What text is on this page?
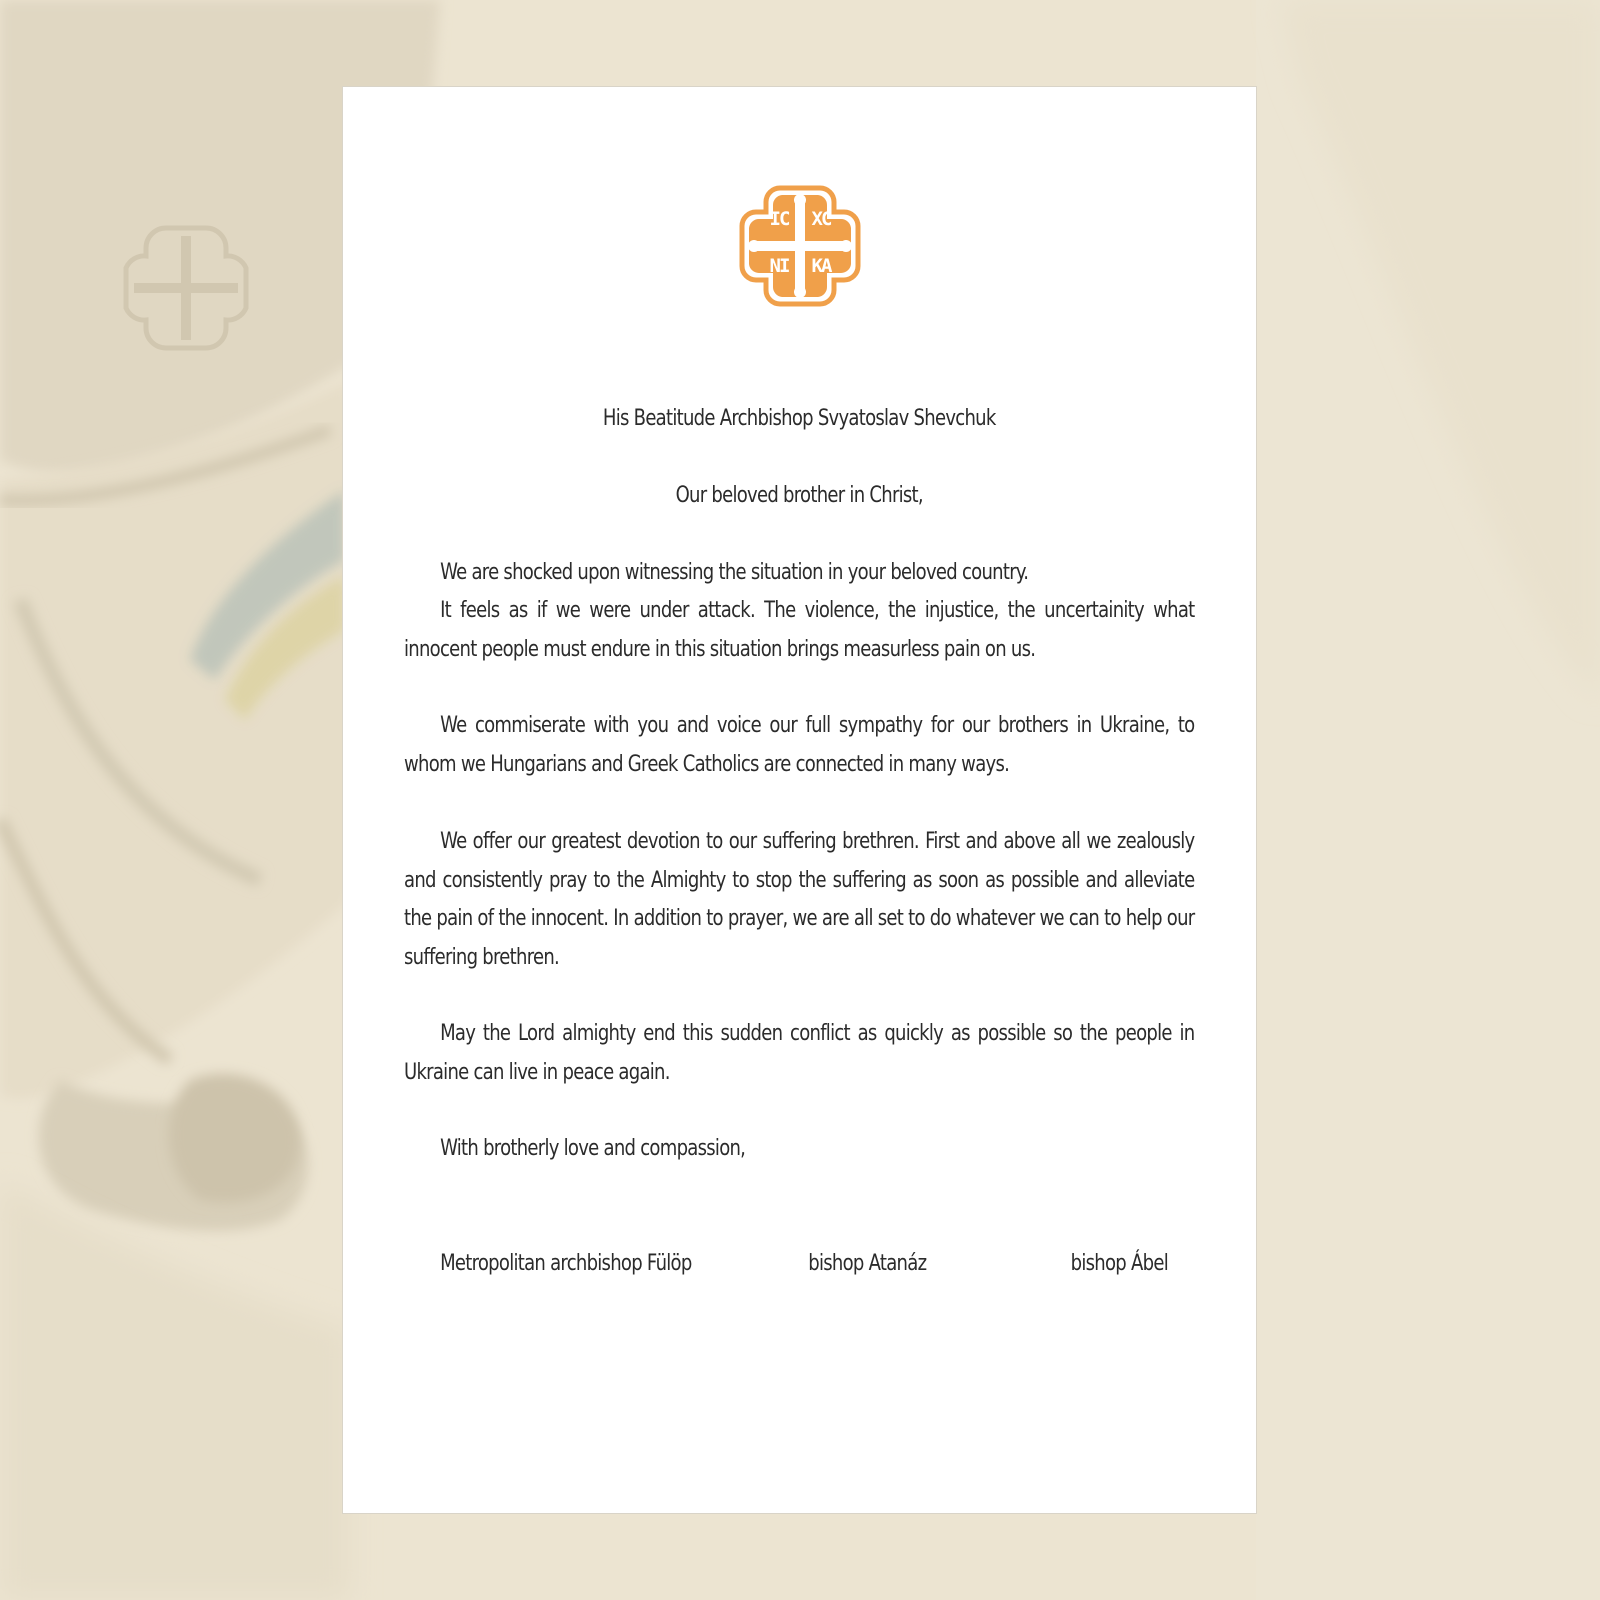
IC XC
NI KA
His Beatitude Archbishop Svyatoslav Shevchuk
Our beloved brother in Christ,
We are shocked upon witnessing the situation in your beloved country.
It feels as if we were under attack. The violence, the injustice, the uncertainity what innocent people must endure in this situation brings measurless pain on us.
We commiserate with you and voice our full sympathy for our brothers in Ukraine, to whom we Hungarians and Greek Catholics are connected in many ways.
We offer our greatest devotion to our suffering brethren. First and above all we zealously and consistently pray to the Almighty to stop the suffering as soon as possible and alleviate the pain of the innocent. In addition to prayer, we are all set to do whatever we can to help our suffering brethren.
May the Lord almighty end this sudden conflict as quickly as possible so the people in Ukraine can live in peace again.
With brotherly love and compassion,
Metropolitan archbishop Fülöp	bishop Atanáz	bishop Ábel
